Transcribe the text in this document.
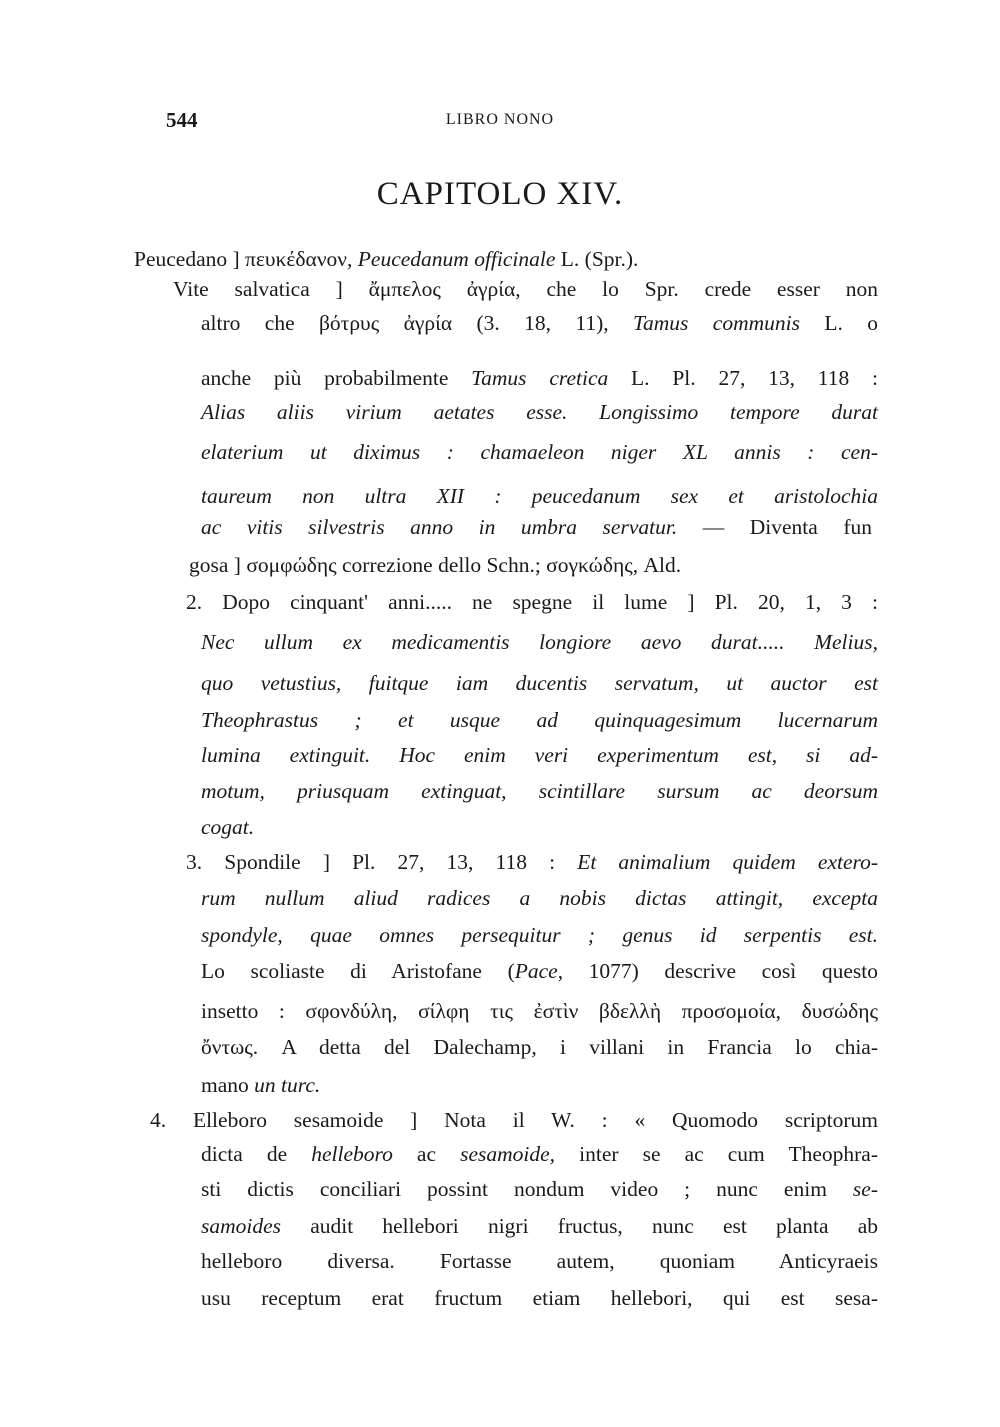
544	LIBRO NONO
CAPITOLO XIV.
Peucedano ] πευκέδανον, Peucedanum officinale L. (Spr.).
Vite salvatica ] ἄμπελος ἀγρία, che lo Spr. crede esser non
altro che βότρυς ἀγρία (3. 18, 11), Tamus communis L. o
anche più probabilmente Tamus cretica L. Pl. 27, 13, 118 :
Alias aliis virium aetates esse. Longissimo tempore durat
elaterium ut diximus : chamaeleon niger XL annis : cen-
taureum non ultra XII : peucedanum sex et aristolochia
ac vitis silvestris anno in umbra servatur. — Diventa fun
gosa ] σομφώδης correzione dello Schn.; σογκώδης, Ald.
2. Dopo cinquant' anni..... ne spegne il lume ] Pl. 20, 1, 3 :
Nec ullum ex medicamentis longiore aevo durat..... Melius,
quo vetustius, fuitque iam ducentis servatum, ut auctor est
Theophrastus ; et usque ad quinquagesimum lucernarum
lumina extinguit. Hoc enim veri experimentum est, si ad-
motum, priusquam extinguat, scintillare sursum ac deorsum
cogat.
3. Spondile ] Pl. 27, 13, 118 : Et animalium quidem extero-
rum nullum aliud radices a nobis dictas attingit, excepta
spondyle, quae omnes persequitur ; genus id serpentis est.
Lo scoliaste di Aristofane (Pace, 1077) descrive così questo
insetto : σφονδύλη, σίλφη τις ἐστὶν βδελλὴ προσομοία, δυσώδης
ὄντως. A detta del Dalechamp, i villani in Francia lo chia-
mano un turc.
4. Elleboro sesamoide ] Nota il W. : « Quomodo scriptorum
dicta de helleboro ac sesamoide, inter se ac cum Theophra-
sti dictis conciliari possint nondum video ; nunc enim se-
samoides audit hellebori nigri fructus, nunc est planta ab
helleboro diversa. Fortasse autem, quoniam Anticyraeis
usu receptum erat fructum etiam hellebori, qui est sesa-
